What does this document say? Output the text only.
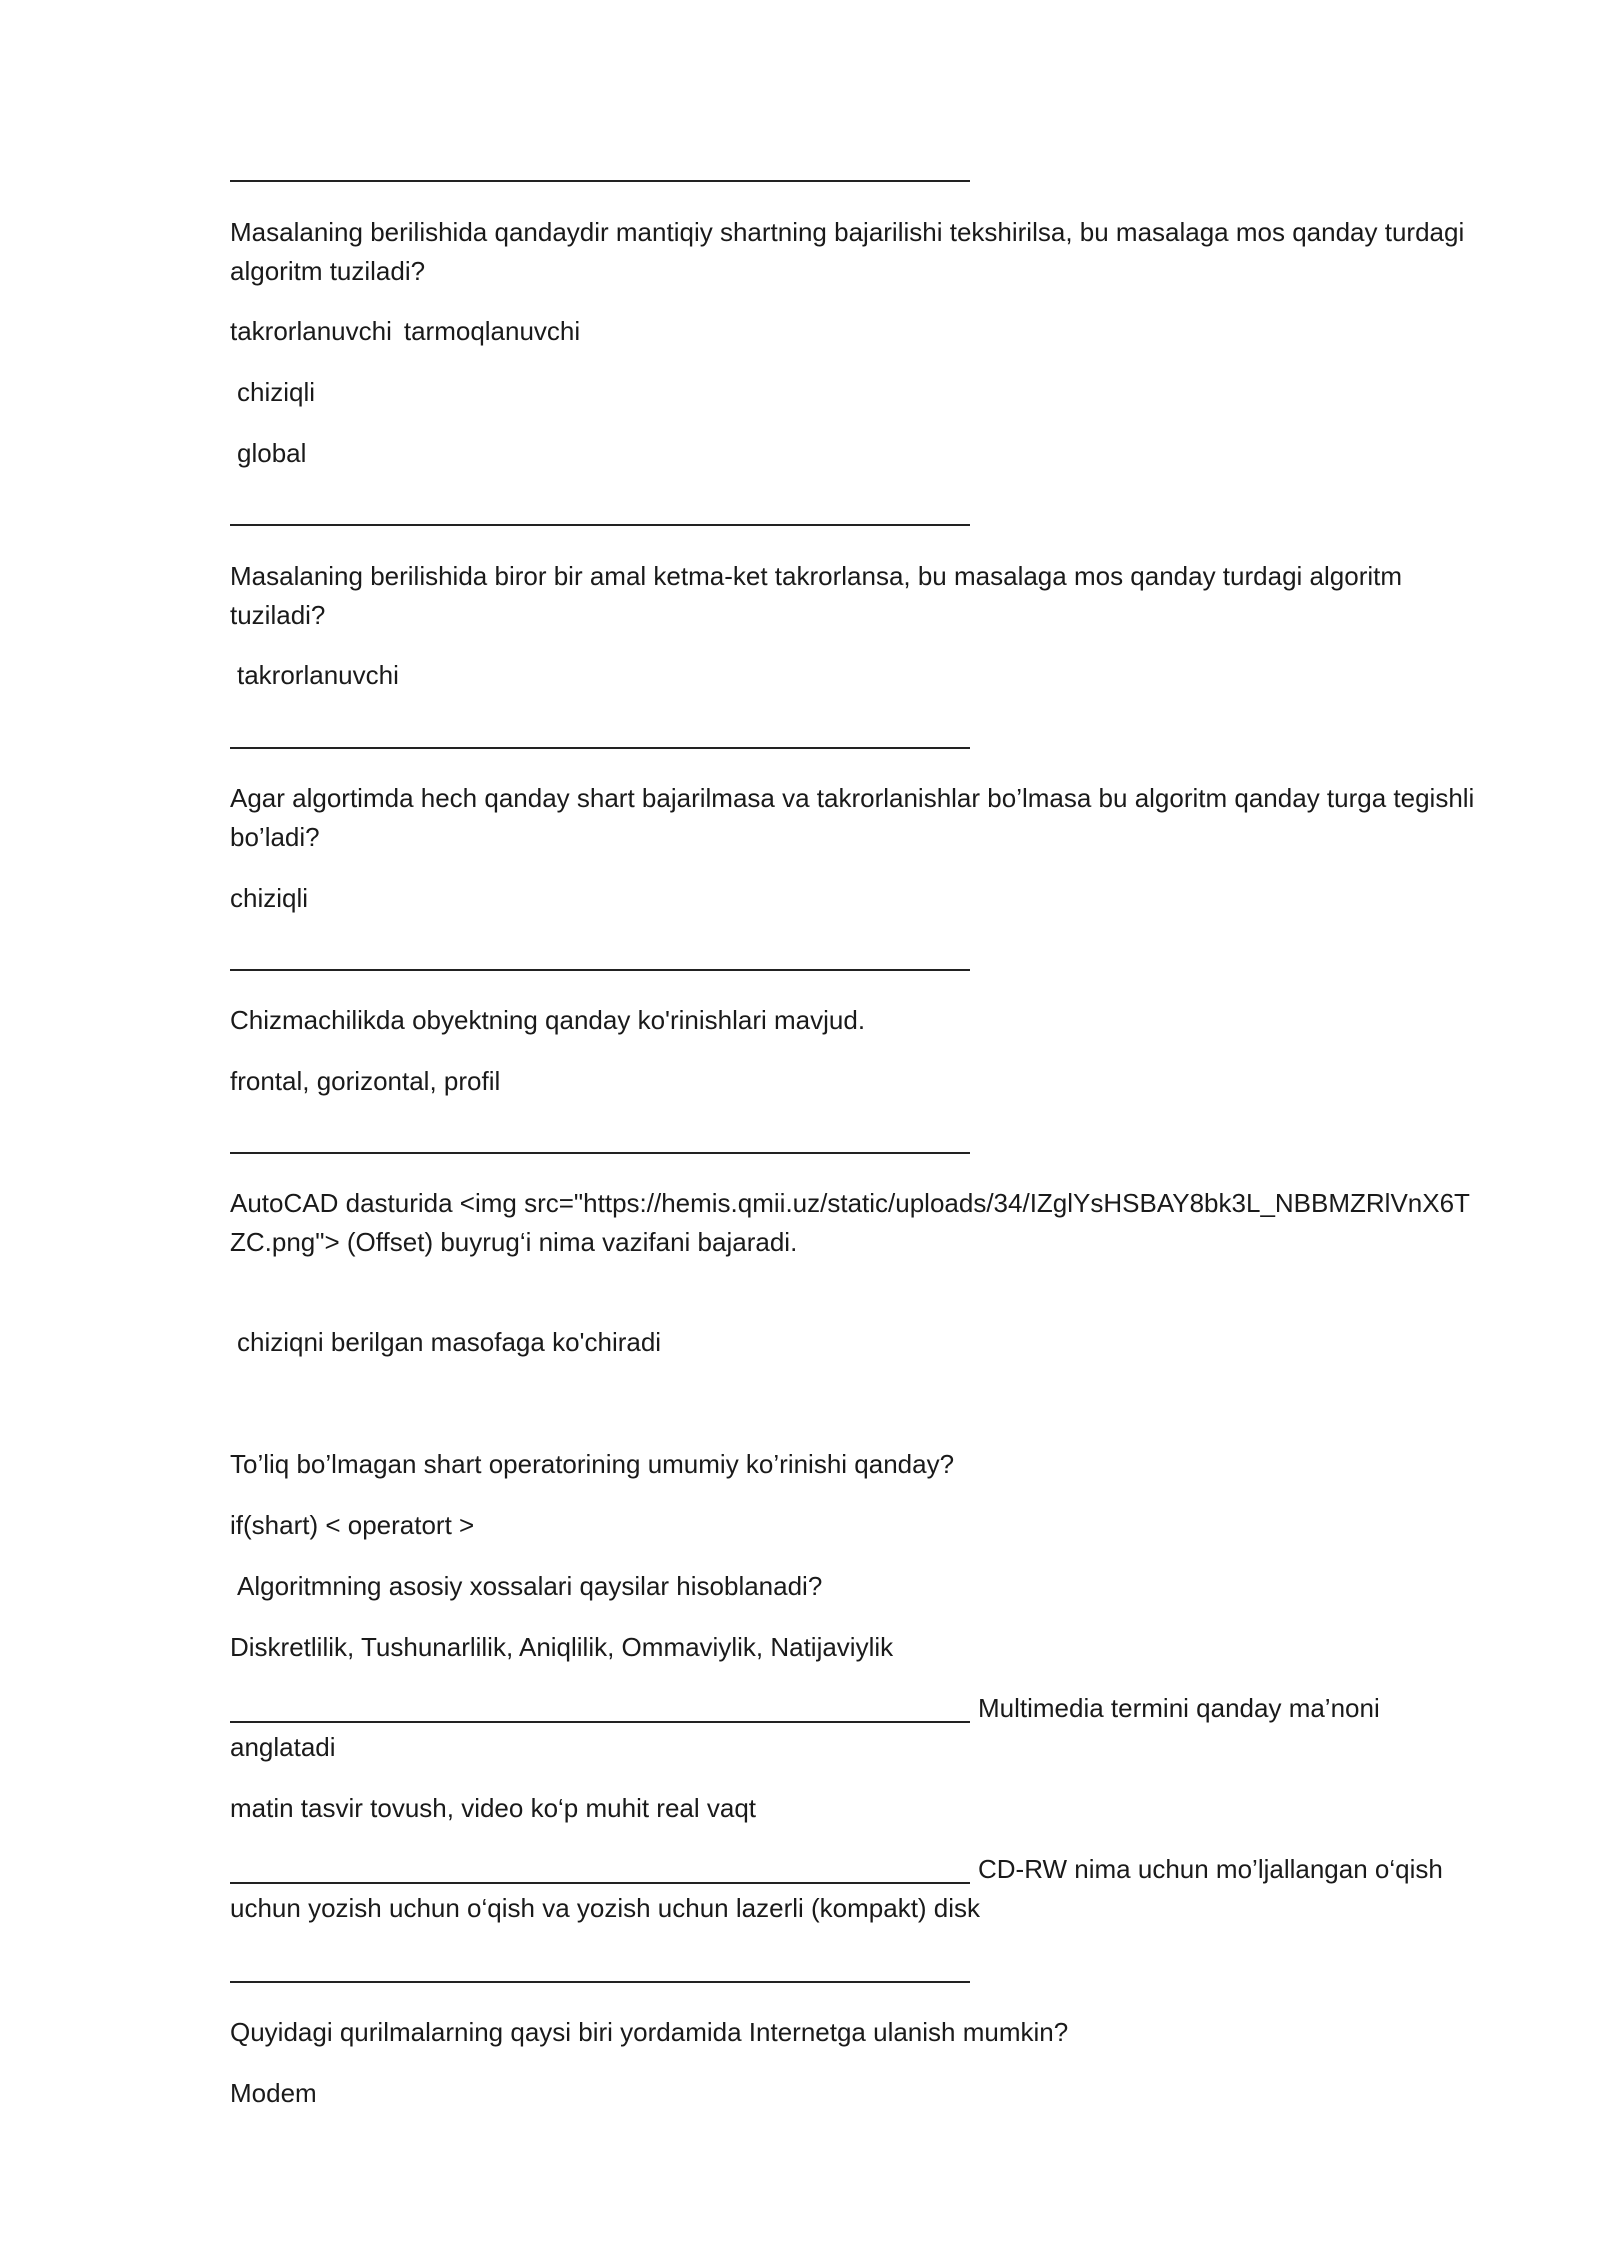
Masalaning berilishida qandaydir mantiqiy shartning bajarilishi tekshirilsa, bu masalaga mos qanday turdagi algoritm tuziladi?

takrorlanuvchi tarmoqlanuvchi

chiziqli

global

Masalaning berilishida biror bir amal ketma-ket takrorlansa, bu masalaga mos qanday turdagi algoritm tuziladi?

takrorlanuvchi

Agar algortimda hech qanday shart bajarilmasa va takrorlanishlar bo’lmasa bu algoritm qanday turga tegishli bo’ladi?

chiziqli

Chizmachilikda obyektning qanday ko'rinishlari mavjud.

frontal, gorizontal, profil

AutoCAD dasturida <img src="https://hemis.qmii.uz/static/uploads/34/IZglYsHSBAY8bk3L_NBBMZRlVnX6TZC.png"> (Offset) buyrug‘i nima vazifani bajaradi.

chiziqni berilgan masofaga ko'chiradi

To’liq bo’lmagan shart operatorining umumiy ko’rinishi qanday?

if(shart) < operatort >

Algoritmning asosiy xossalari qaysilar hisoblanadi?

Diskretlilik, Tushunarlilik, Aniqlilik, Ommaviylik, Natijaviylik

Multimedia termini qanday ma’noni anglatadi

matin tasvir tovush, video ko‘p muhit real vaqt

CD-RW nima uchun mo’ljallangan o‘qish uchun yozish uchun o‘qish va yozish uchun lazerli (kompakt) disk

Quyidagi qurilmalarning qaysi biri yordamida Internetga ulanish mumkin?

Modem
